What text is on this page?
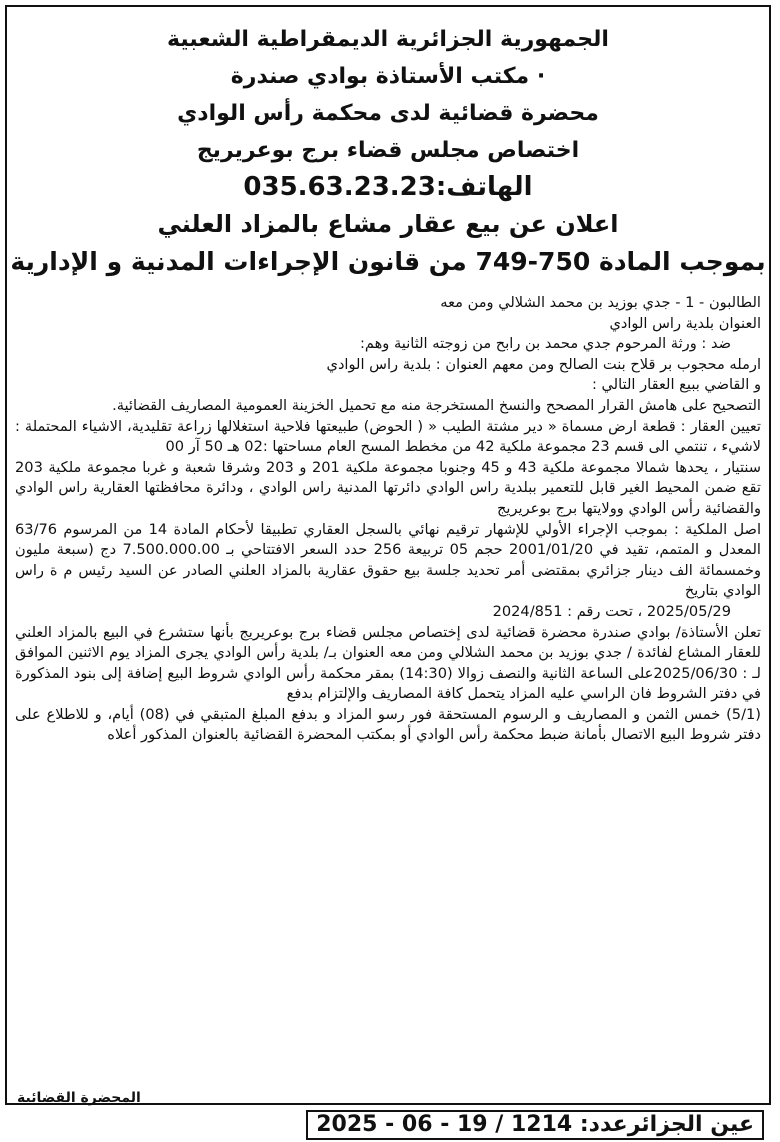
الجمهورية الجزائرية الديمقراطية الشعبية
· مكتب الأستاذة بوادي صندرة
محضرة قضائية لدى محكمة رأس الوادي
اختصاص مجلس قضاء برج بوعريريج
الهاتف:035.63.23.23
اعلان عن بيع عقار مشاع بالمزاد العلني
بموجب المادة 750-749 من قانون الإجراءات المدنية و الإدارية

الطالبون - 1 - جدي بوزيد بن محمد الشلالي ومن معه

العنوان بلدية راس الوادي

ضد : ورثة المرحوم جدي محمد بن رابح من زوجته الثانية وهم:

ارمله محجوب بر قلاح بنت الصالح ومن معهم العنوان : بلدية راس الوادي

و القاضي ببيع العقار التالي :

التصحيح على هامش القرار المصحح والنسخ المستخرجة منه مع تحميل الخزينة العمومية المصاريف القضائية.

تعيين العقار : قطعة ارض مسماة « دير مشتة الطيب « ( الحوض) طبيعتها فلاحية استغلالها زراعة تقليدية، الاشياء المحتملة : لاشيء ، تنتمي الى قسم 23 مجموعة ملكية 42 من مخطط المسح العام مساحتها :02 هـ 50 آر 00

سنتيار ، يحدها شمالا مجموعة ملكية 43 و 45 وجنوبا مجموعة ملكية 201 و 203 وشرقا شعبة و غربا مجموعة ملكية 203 تقع ضمن المحيط الغير قابل للتعمير ببلدية راس الوادي دائرتها المدنية راس الوادي ، ودائرة محافظتها العقارية راس الوادي والقضائية رأس الوادي وولايتها برج بوعريريج

اصل الملكية : بموجب الإجراء الأولي للإشهار ترقيم نهائي بالسجل العقاري تطبيقا لأحكام المادة 14 من المرسوم 63/76 المعدل و المتمم، تقيد في 2001/01/20 حجم 05 تربيعة 256 حدد السعر الافتتاحي بـ 7.500.000.00 دج (سبعة مليون وخمسمائة الف دينار جزائري بمقتضى أمر تحديد جلسة بيع حقوق عقارية بالمزاد العلني الصادر عن السيد رئيس م ة راس الوادي بتاريخ

2025/05/29 ، تحت رقم : 2024/851

تعلن الأستاذة/ بوادي صندرة محضرة قضائية لدى إختصاص مجلس قضاء برج بوعريريج بأنها ستشرع في البيع بالمزاد العلني للعقار المشاع لفائدة / جدي بوزيد بن محمد الشلالي ومن معه العنوان بـ/ بلدية رأس الوادي يجرى المزاد يوم الاثنين الموافق لـ : 2025/06/30على الساعة الثانية والنصف زوالا (14:30) بمقر محكمة رأس الوادي شروط البيع إضافة إلى بنود المذكورة في دفتر الشروط فان الراسي عليه المزاد يتحمل كافة المصاريف والإلتزام بدفع

(5/1) خمس الثمن و المصاريف و الرسوم المستحقة فور رسو المزاد و بدفع المبلغ المتبقي في (08) أيام، و للاطلاع على دفتر شروط البيع الاتصال بأمانة ضبط محكمة رأس الوادي أو بمكتب المحضرة القضائية بالعنوان المذكور أعلاه

المحضرة القضائية
عين الجزائرعدد: 1214 / 19 - 06 - 2025
